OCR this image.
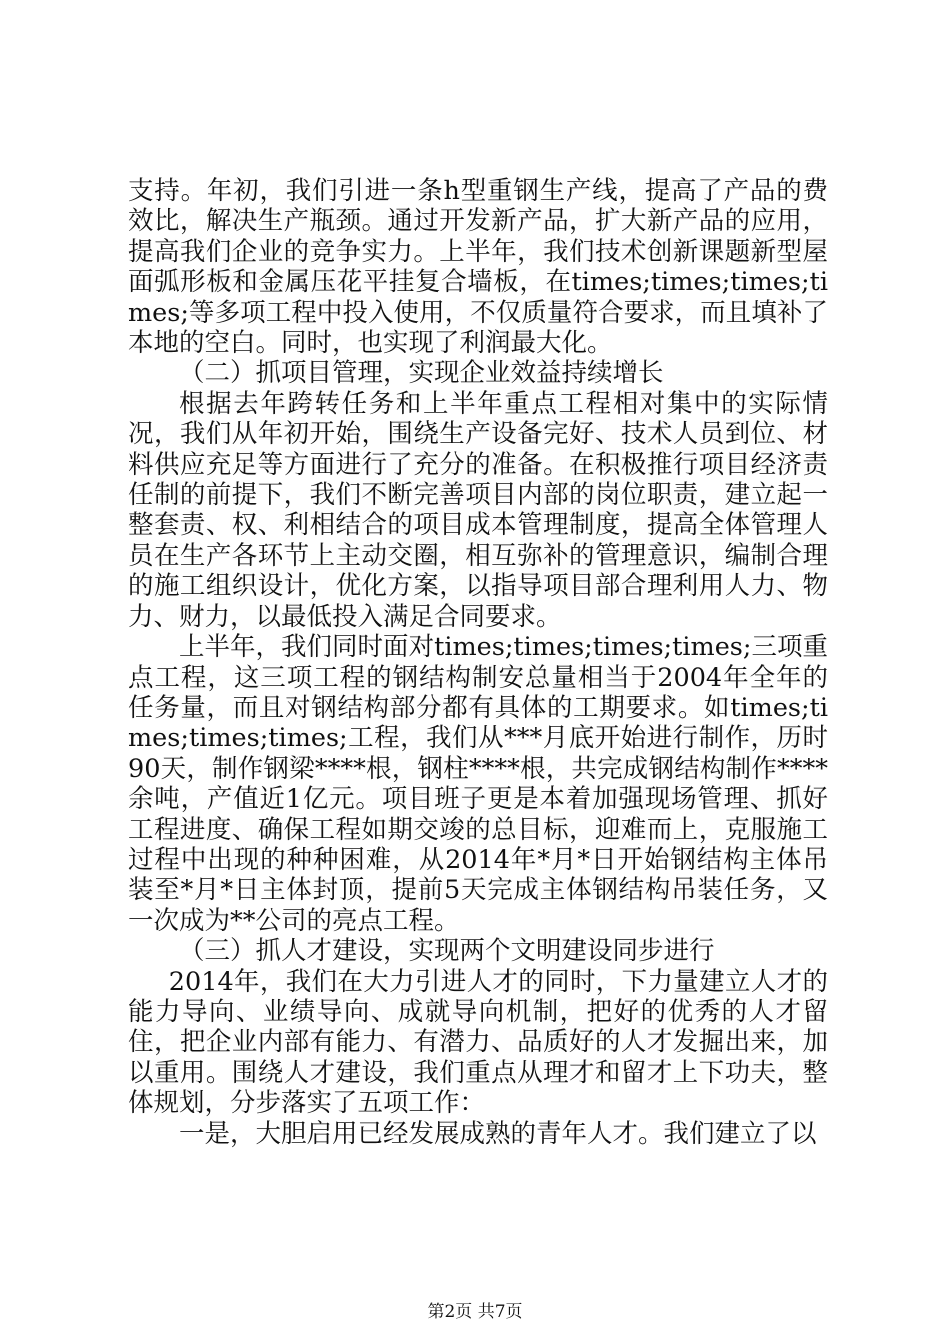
支持。年初，我们引进一条h型重钢生产线，提高了产品的费效比，解决生产瓶颈。通过开发新产品，扩大新产品的应用，提高我们企业的竞争实力。上半年，我们技术创新课题新型屋面弧形板和金属压花平挂复合墙板，在times;times;times;times;等多项工程中投入使用，不仅质量符合要求，而且填补了本地的空白。同时，也实现了利润最大化。

（二）抓项目管理，实现企业效益持续增长

根据去年跨转任务和上半年重点工程相对集中的实际情况，我们从年初开始，围绕生产设备完好、技术人员到位、材料供应充足等方面进行了充分的准备。在积极推行项目经济责任制的前提下，我们不断完善项目内部的岗位职责，建立起一整套责、权、利相结合的项目成本管理制度，提高全体管理人员在生产各环节上主动交圈，相互弥补的管理意识，编制合理的施工组织设计，优化方案，以指导项目部合理利用人力、物力、财力，以最低投入满足合同要求。

上半年，我们同时面对times;times;times;times;三项重点工程，这三项工程的钢结构制安总量相当于2004年全年的任务量，而且对钢结构部分都有具体的工期要求。如times;times;times;times;工程，我们从***月底开始进行制作，历时90天，制作钢梁****根，钢柱****根，共完成钢结构制作****余吨，产值近1亿元。项目班子更是本着加强现场管理、抓好工程进度、确保工程如期交竣的总目标，迎难而上，克服施工过程中出现的种种困难，从2014年*月*日开始钢结构主体吊装至*月*日主体封顶，提前5天完成主体钢结构吊装任务，又一次成为**公司的亮点工程。

（三）抓人才建设，实现两个文明建设同步进行

2014年，我们在大力引进人才的同时，下力量建立人才的能力导向、业绩导向、成就导向机制，把好的优秀的人才留住，把企业内部有能力、有潜力、品质好的人才发掘出来，加以重用。围绕人才建设，我们重点从理才和留才上下功夫，整体规划，分步落实了五项工作：

一是，大胆启用已经发展成熟的青年人才。我们建立了以

第2页 共7页
